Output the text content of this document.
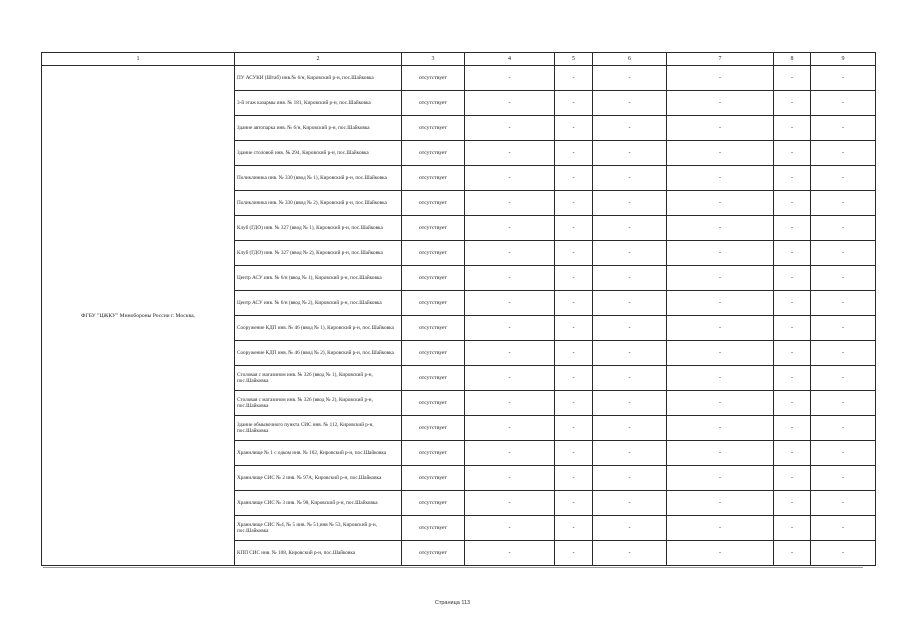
1	2	3	4	5	6	7	8	9
ФГБУ "ЦЖКУ" Минобороны России г. Москва,	ПУ АСУКИ (Штаб) инв.№ 6/н, Кировский р-н, пос.Шайковка	отсутствует	-	-	-	-	-	-
	3-й этаж казармы инв. № 181, Кировский р-н, пос.Шайковка	отсутствует	-	-	-	-	-	-
	Здание автопарка инв. № 6/н, Кировский р-н, пос.Шайковка	отсутствует	-	-	-	-	-	-
	Здание столовой инв. № 294, Кировский р-н, пос.Шайковка	отсутствует	-	-	-	-	-	-
	Поликлиника инв. № 330 (ввод № 1), Кировский р-н, пос.Шайковка	отсутствует	-	-	-	-	-	-
	Поликлиника инв. № 330 (ввод № 2), Кировский р-н, пос.Шайковка	отсутствует	-	-	-	-	-	-
	Клуб (ГДО) инв. № 327 (ввод № 1), Кировский р-н, пос.Шайковка	отсутствует	-	-	-	-	-	-
	Клуб (ГДО) инв. № 327 (ввод № 2), Кировский р-н, пос.Шайковка	отсутствует	-	-	-	-	-	-
	Центр АСУ инв. № 6/н (ввод № 1), Кировский р-н, пос.Шайковка	отсутствует	-	-	-	-	-	-
	Центр АСУ инв. № 6/н (ввод № 2), Кировский р-н, пос.Шайковка	отсутствует	-	-	-	-	-	-
	Сооружение КДП инв. № 46 (ввод № 1), Кировский р-н, пос.Шайковка	отсутствует	-	-	-	-	-	-
	Сооружение КДП инв. № 46 (ввод № 2), Кировский р-н, пос.Шайковка	отсутствует	-	-	-	-	-	-
	Столовая с магазином инв. № 326 (ввод № 1), Кировский р-н, пос.Шайковка	отсутствует	-	-	-	-	-	-
	Столовая с магазином инв. № 326 (ввод № 2), Кировский р-н, пос.Шайковка	отсутствует	-	-	-	-	-	-
	Здание обмывочного пункта СИС инв. № 112, Кировский р-н, пос.Шайковка	отсутствует	-	-	-	-	-	-
	Хранилище № 1 с одком инв. № 102, Кировский р-н, пос.Шайковка	отсутствует	-	-	-	-	-	-
	Хранилище СИС № 2 инв. № 97А, Кировский р-н, пос.Шайковка	отсутствует	-	-	-	-	-	-
	Хранилище СИС № 3 инв. № 98, Кировский р-н, пос.Шайковка	отсутствует	-	-	-	-	-	-
	Хранилище СИС №4, № 5 инв. № 51,инв № 53, Кировский р-н, пос.Шайковка	отсутствует	-	-	-	-	-	-
	КПП СИС инв. № 108, Кировский р-н, пос.Шайковка	отсутствует	-	-	-	-	-	-
Страница 113
